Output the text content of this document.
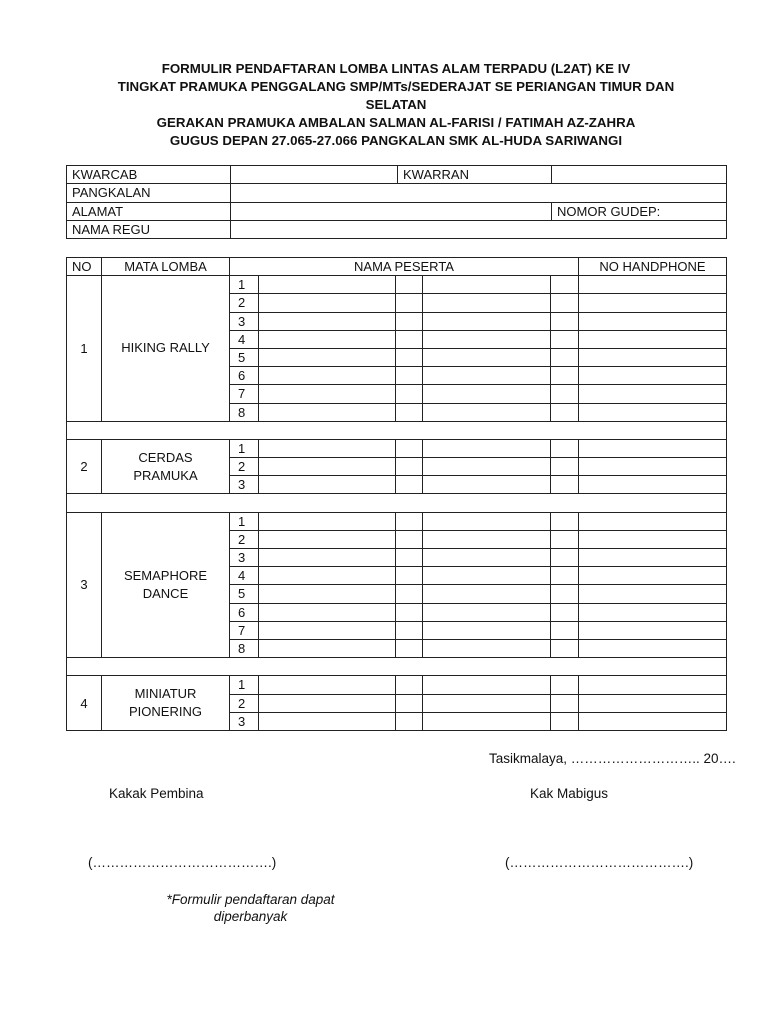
FORMULIR PENDAFTARAN LOMBA LINTAS ALAM TERPADU (L2AT) KE IV
TINGKAT PRAMUKA PENGGALANG SMP/MTs/SEDERAJAT SE PERIANGAN TIMUR DAN
SELATAN
GERAKAN PRAMUKA AMBALAN SALMAN AL-FARISI / FATIMAH AZ-ZAHRA
GUGUS DEPAN 27.065-27.066 PANGKALAN SMK AL-HUDA SARIWANGI
KWARCAB		KWARRAN	
PANGKALAN			
ALAMAT			NOMOR GUDEP:
NAMA REGU			
NO	MATA LOMBA	NAMA PESERTA					NO HANDPHONE
1	HIKING RALLY	1					
		2					
		3					
		4					
		5					
		6					
		7					
		8					

2	CERDAS PRAMUKA	1					
		2					
		3					

3	SEMAPHORE DANCE	1					
		2					
		3					
		4					
		5					
		6					
		7					
		8					

4	MINIATUR PIONERING	1					
		2					
		3					
Tasikmalaya, ……………………….. 20….
Kakak Pembina	Kak Mabigus
(………………………………….)	(………………………………….)
*Formulir pendaftaran dapat diperbanyak
